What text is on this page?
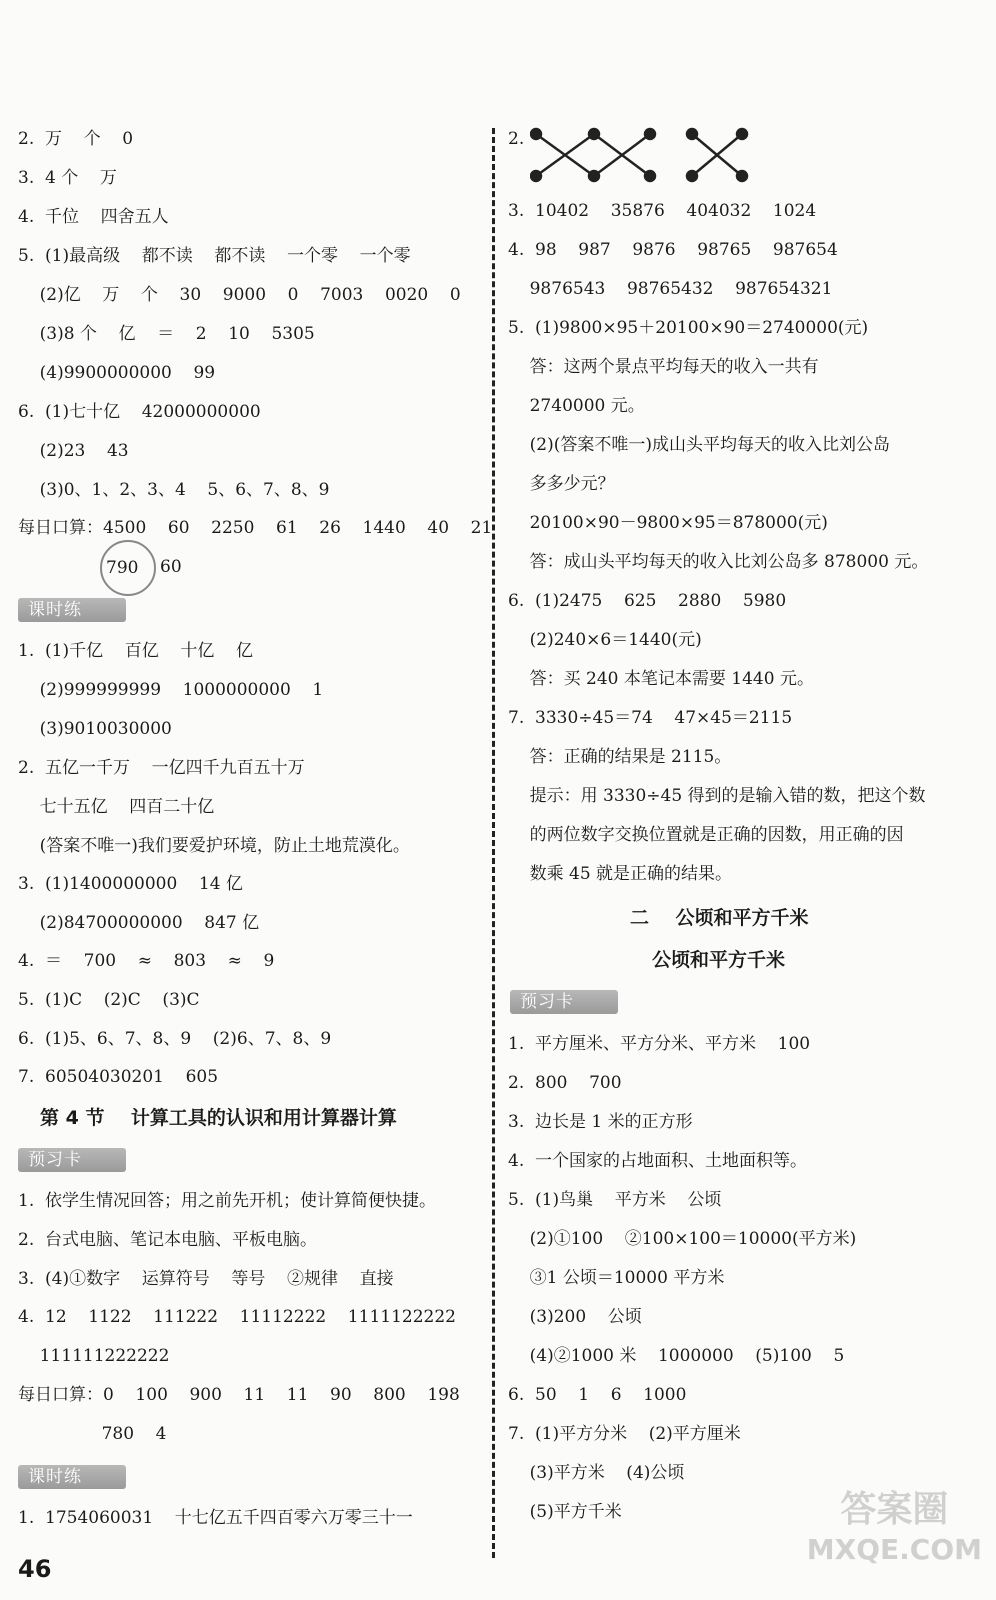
2.  万    个    0
3.  4 个    万
4.  千位    四舍五人
5.  (1)最高级    都不读    都不读    一个零    一个零
(2)亿    万    个    30    9000    0    7003    0020    0
(3)8 个    亿    ＝    2    10    5305
(4)9900000000    99
6.  (1)七十亿    42000000000
(2)23    43
(3)0、1、2、3、4    5、6、7、8、9
每日口算：4500    60    2250    61    26    1440    40    21
790	60
课时练
1.  (1)千亿    百亿    十亿    亿
(2)999999999    1000000000    1
(3)9010030000
2.  五亿一千万    一亿四千九百五十万
七十五亿    四百二十亿
(答案不唯一)我们要爱护环境，防止土地荒漠化。
3.  (1)1400000000    14 亿
(2)84700000000    847 亿
4.  ＝    700    ≈    803    ≈    9
5.  (1)C    (2)C    (3)C
6.  (1)5、6、7、8、9    (2)6、7、8、9
7.  60504030201    605
第 4 节    计算工具的认识和用计算器计算
预习卡
1.  依学生情况回答；用之前先开机；使计算简便快捷。
2.  台式电脑、笔记本电脑、平板电脑。
3.  (4)①数字    运算符号    等号    ②规律    直接
4.  12    1122    111222    11112222    1111122222
111111222222
每日口算：0    100    900    11    11    90    800    198
780    4
课时练
1.  1754060031    十七亿五千四百零六万零三十一
46
2.
3.  10402    35876    404032    1024
4.  98    987    9876    98765    987654
9876543    98765432    987654321
5.  (1)9800×95＋20100×90＝2740000(元)
答：这两个景点平均每天的收入一共有
2740000 元。
(2)(答案不唯一)成山头平均每天的收入比刘公岛
多多少元？
20100×90－9800×95＝878000(元)
答：成山头平均每天的收入比刘公岛多 878000 元。
6.  (1)2475    625    2880    5980
(2)240×6＝1440(元)
答：买 240 本笔记本需要 1440 元。
7.  3330÷45＝74    47×45＝2115
答：正确的结果是 2115。
提示：用 3330÷45 得到的是输入错的数，把这个数
的两位数字交换位置就是正确的因数，用正确的因
数乘 45 就是正确的结果。
二    公顷和平方千米
公顷和平方千米
预习卡
1.  平方厘米、平方分米、平方米    100
2.  800    700
3.  边长是 1 米的正方形
4.  一个国家的占地面积、土地面积等。
5.  (1)鸟巢    平方米    公顷
(2)①100    ②100×100＝10000(平方米)
③1 公顷＝10000 平方米
(3)200    公顷
(4)②1000 米    1000000    (5)100    5
6.  50    1    6    1000
7.  (1)平方分米    (2)平方厘米
(3)平方米    (4)公顷
(5)平方千米	答案圈
MXQE.COM
